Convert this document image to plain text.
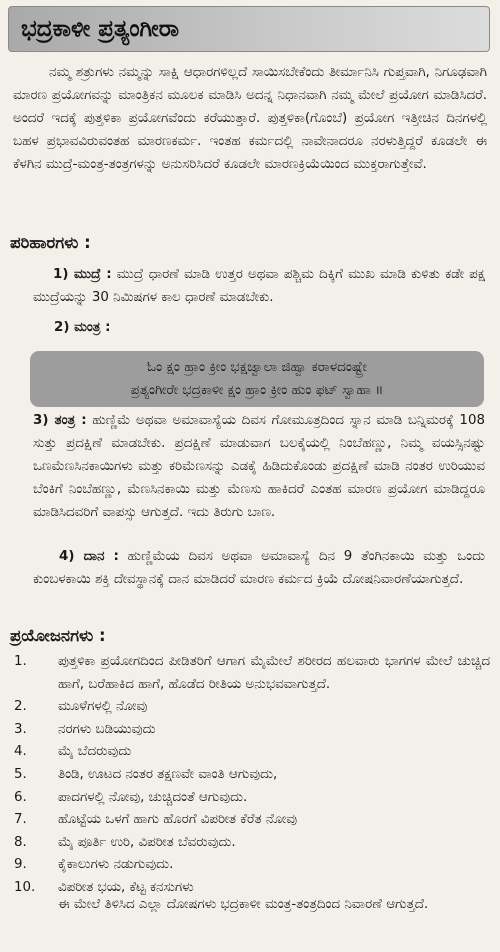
ಭದ್ರಕಾಳೀ ಪ್ರತ್ಯಂಗೀರಾ

ನಮ್ಮ ಶತ್ರುಗಳು ನಮ್ಮನ್ನು ಸಾಕ್ಷಿ ಆಧಾರಗಳಿಲ್ಲದೆ ಸಾಯಿಸಬೇಕೆಂದು ತೀರ್ಮಾನಿಸಿ ಗುಪ್ತವಾಗಿ, ನಿಗೂಢವಾಗಿ ಮಾರಣ ಪ್ರಯೋಗವನ್ನು ಮಾಂತ್ರಿಕನ ಮೂಲಕ ಮಾಡಿಸಿ ಅದನ್ನ ನಿಧಾನವಾಗಿ ನಮ್ಮ ಮೇಲೆ ಪ್ರಯೋಗ ಮಾಡಿಸಿದರೆ. ಅಂದರೆ ಇದಕ್ಕೆ ಪುತ್ತಳಿಕಾ ಪ್ರಯೋಗವೆಂದು ಕರೆಯುತ್ತಾರೆ. ಪುತ್ತಳಿಕಾ(ಗೊಂಬೆ) ಪ್ರಯೋಗ ಇತ್ತೀಚಿನ ದಿನಗಳಲ್ಲಿ ಬಹಳ ಪ್ರಭಾವವಿರುವಂತಹ ಮಾರಣಕರ್ಮ. ಇಂತಹ ಕರ್ಮದಲ್ಲಿ ನಾವೇನಾದರೂ ನರಳುತ್ತಿದ್ದರೆ ಕೂಡಲೇ ಈ ಕೆಳಗಿನ ಮುದ್ರೆ-ಮಂತ್ರ-ತಂತ್ರಗಳನ್ನು ಅನುಸರಿಸಿದರೆ ಕೂಡಲೇ ಮಾರಣಕ್ರಿಯೆಯಿಂದ ಮುಕ್ತರಾಗುತ್ತೇವೆ.

ಪರಿಹಾರಗಳು :

1) ಮುದ್ರೆ : ಮುದ್ರೆ ಧಾರಣೆ ಮಾಡಿ ಉತ್ತರ ಅಥವಾ ಪಶ್ಚಿಮ ದಿಕ್ಕಿಗೆ ಮುಖ ಮಾಡಿ ಕುಳಿತು ಕಡೇ ಪಕ್ಷ ಮುದ್ರೆಯನ್ನು 30 ನಿಮಿಷಗಳ ಕಾಲ ಧಾರಣೆ ಮಾಡಬೇಕು.

2) ಮಂತ್ರ :

ಓಂ ಕ್ಷಂ ಹ್ರಾಂ ಕ್ರೀಂ ಭಕ್ಷಜ್ವಾಲಾ ಜಿಹ್ವಾ ಕರಾಳದಂಷ್ಟ್ರೇ
ಪ್ರತ್ಯಂಗೀರೇ ಭದ್ರಕಾಳೀ ಕ್ಷಂ ಹ್ರಾಂ ಕ್ರೀಂ ಹುಂ ಫಟ್ ಸ್ವಾಹಾ ॥

3) ತಂತ್ರ : ಹುಣ್ಣಿಮೆ ಅಥವಾ ಅಮಾವಾಸ್ಯೆಯ ದಿವಸ ಗೋಮೂತ್ರದಿಂದ ಸ್ನಾನ ಮಾಡಿ ಬನ್ನಿಮರಕ್ಕೆ 108 ಸುತ್ತು ಪ್ರದಕ್ಷಿಣೆ ಮಾಡಬೇಕು. ಪ್ರದಕ್ಷಿಣೆ ಮಾಡುವಾಗ ಬಲಕೈಯಲ್ಲಿ ನಿಂಬೆಹಣ್ಣು, ನಿಮ್ಮ ವಯಸ್ಸಿನಷ್ಟು ಒಣಮೆಣಸಿನಕಾಯಿಗಳು ಮತ್ತು ಕರಿಮೆಣಸನ್ನು ಎಡಕೈ ಹಿಡಿದುಕೊಂಡು ಪ್ರದಕ್ಷಿಣೆ ಮಾಡಿ ನಂತರ ಉರಿಯುವ ಬೆಂಕಿಗೆ ನಿಂಬೆಹಣ್ಣು, ಮೆಣಸಿನಕಾಯಿ ಮತ್ತು ಮೆಣಸು ಹಾಕಿದರೆ ಎಂತಹ ಮಾರಣ ಪ್ರಯೋಗ ಮಾಡಿದ್ದರೂ ಮಾಡಿಸಿದವರಿಗೆ ವಾಪಸ್ಸು ಆಗುತ್ತದೆ. ಇದು ತಿರುಗು ಬಾಣ.

4) ದಾನ : ಹುಣ್ಣಿಮೆಯ ದಿವಸ ಅಥವಾ ಅಮಾವಾಸ್ಯೆ ದಿನ 9 ತೆಂಗಿನಕಾಯಿ ಮತ್ತು ಒಂದು ಕುಂಬಳಕಾಯಿ ಶಕ್ತಿ ದೇವಸ್ಥಾನಕ್ಕೆ ದಾನ ಮಾಡಿದರೆ ಮಾರಣ ಕರ್ಮದ ಕ್ರಿಯೆ ದೋಷನಿವಾರಣೆಯಾಗುತ್ತದೆ.

ಪ್ರಯೋಜನಗಳು :
1. ಪುತ್ತಳಿಕಾ ಪ್ರಯೋಗದಿಂದ ಪೀಡಿತರಿಗೆ ಆಗಾಗ ಮೈಮೇಲೆ ಶರೀರದ ಹಲವಾರು ಭಾಗಗಳ ಮೇಲೆ ಚುಚ್ಚಿದ ಹಾಗೆ, ಬರೆಹಾಕಿದ ಹಾಗೆ, ಹೊಡೆದ ರೀತಿಯ ಅನುಭವವಾಗುತ್ತದೆ.
2. ಮೂಳೆಗಳಲ್ಲಿ ನೋವು
3. ನರಗಳು ಬಡಿಯುವುದು
4. ಮೈ ಬೆದರುವುದು
5. ತಿಂಡಿ, ಊಟದ ನಂತರ ತಕ್ಷಣವೇ ವಾಂತಿ ಆಗುವುದು,
6. ಪಾದಗಳಲ್ಲಿ ನೋವು, ಚುಚ್ಚಿದಂತೆ ಆಗುವುದು.
7. ಹೊಟ್ಟೆಯ ಒಳಗೆ ಹಾಗು ಹೊರಗೆ ವಿಪರೀತ ಕೆರೆತ ನೋವು
8. ಮೈ ಪೂರ್ತಿ ಉರಿ, ವಿಪರೀತ ಬೆವರುವುದು.
9. ಕೈಕಾಲುಗಳು ನಡುಗುವುದು.
10. ವಿಪರೀತ ಭಯ, ಕೆಟ್ಟ ಕನಸುಗಳು

ಈ ಮೇಲೆ ತಿಳಿಸಿದ ಎಲ್ಲಾ ದೋಷಗಳು ಭದ್ರಕಾಳೀ ಮಂತ್ರ-ತಂತ್ರದಿಂದ ನಿವಾರಣೆ ಆಗುತ್ತದೆ.
